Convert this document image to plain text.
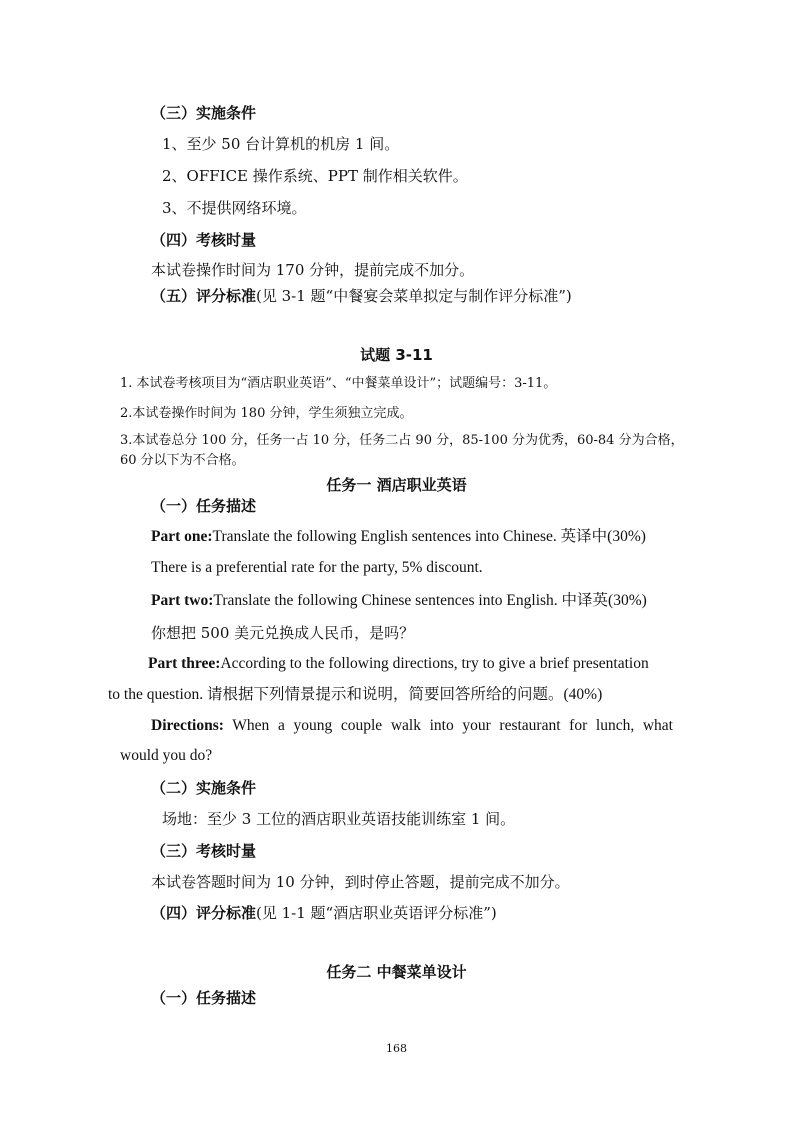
（三）实施条件
1、至少 50 台计算机的机房 1 间。
2、OFFICE 操作系统、PPT 制作相关软件。
3、不提供网络环境。
（四）考核时量
本试卷操作时间为 170 分钟，提前完成不加分。
（五）评分标准(见 3-1 题“中餐宴会菜单拟定与制作评分标准”)
试题 3-11
1. 本试卷考核项目为“酒店职业英语”、“中餐菜单设计”；试题编号：3-11。
2.本试卷操作时间为 180 分钟，学生须独立完成。
3.本试卷总分 100 分，任务一占 10 分，任务二占 90 分，85-100 分为优秀，60-84 分为合格，
60 分以下为不合格。
任务一 酒店职业英语
（一）任务描述
Part one:Translate the following English sentences into Chinese. 英译中(30%)
There is a preferential rate for the party, 5% discount.
Part two:Translate the following Chinese sentences into English. 中译英(30%)
你想把 500 美元兑换成人民币，是吗？
Part three:According to the following directions, try to give a brief presentation
to the question. 请根据下列情景提示和说明，简要回答所给的问题。(40%)
Directions: When a young couple walk into your restaurant for lunch, what
would you do?
（二）实施条件
场地：至少 3 工位的酒店职业英语技能训练室 1 间。
（三）考核时量
本试卷答题时间为 10 分钟，到时停止答题，提前完成不加分。
（四）评分标准(见 1-1 题“酒店职业英语评分标准”)
任务二 中餐菜单设计
（一）任务描述
168
